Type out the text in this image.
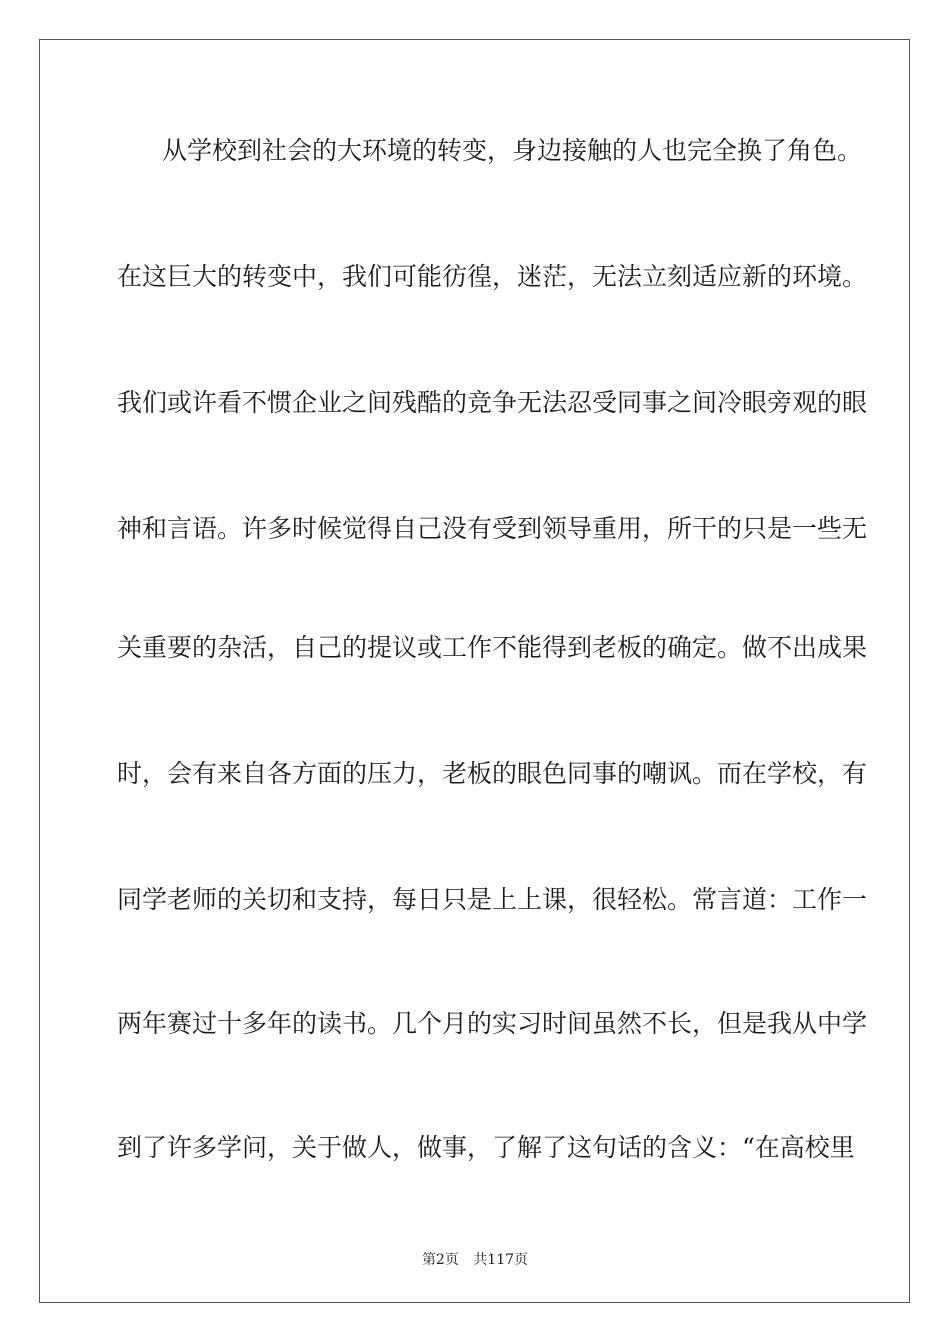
从学校到社会的大环境的转变，身边接触的人也完全换了角色。
在这巨大的转变中，我们可能彷徨，迷茫，无法立刻适应新的环境。
我们或许看不惯企业之间残酷的竞争无法忍受同事之间冷眼旁观的眼
神和言语。许多时候觉得自己没有受到领导重用，所干的只是一些无
关重要的杂活，自己的提议或工作不能得到老板的确定。做不出成果
时，会有来自各方面的压力，老板的眼色同事的嘲讽。而在学校，有
同学老师的关切和支持，每日只是上上课，很轻松。常言道：工作一
两年赛过十多年的读书。几个月的实习时间虽然不长，但是我从中学
到了许多学问，关于做人，做事，了解了这句话的含义：“在高校里
第2页 共117页
